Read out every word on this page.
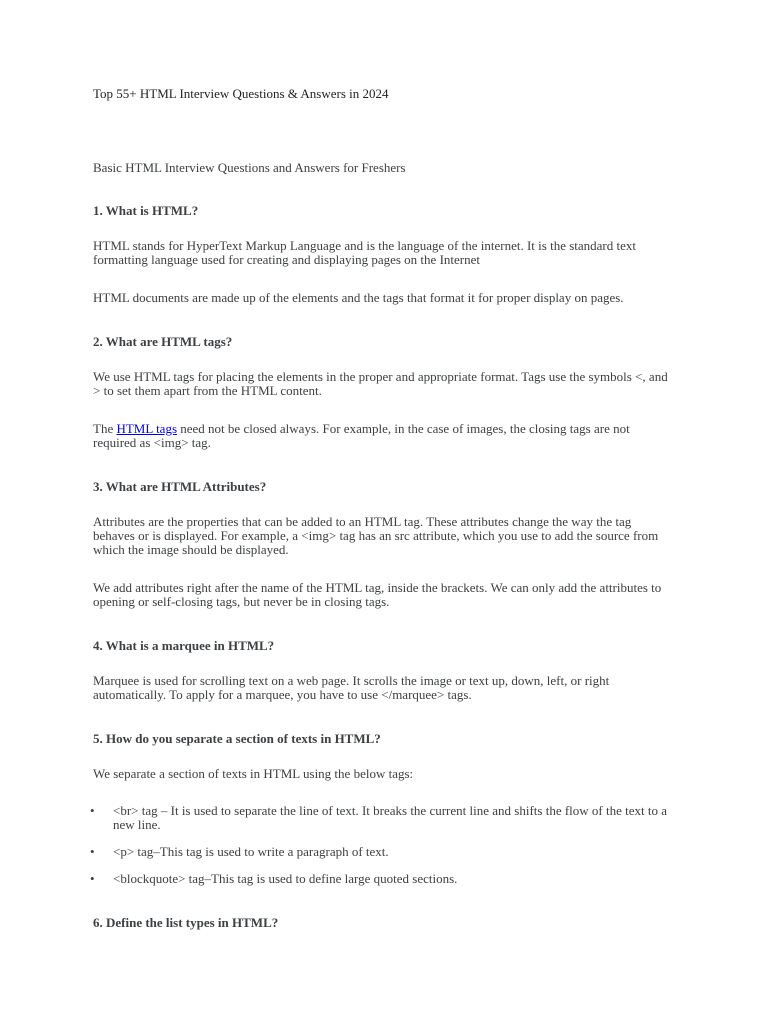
Top 55+ HTML Interview Questions & Answers in 2024
Basic HTML Interview Questions and Answers for Freshers
1. What is HTML?

HTML stands for HyperText Markup Language and is the language of the internet. It is the standard text formatting language used for creating and displaying pages on the Internet

HTML documents are made up of the elements and the tags that format it for proper display on pages.

2. What are HTML tags?

We use HTML tags for placing the elements in the proper and appropriate format. Tags use the symbols <, and > to set them apart from the HTML content.

The HTML tags need not be closed always. For example, in the case of images, the closing tags are not required as <img> tag.

3. What are HTML Attributes?

Attributes are the properties that can be added to an HTML tag. These attributes change the way the tag behaves or is displayed. For example, a <img> tag has an src attribute, which you use to add the source from which the image should be displayed.

We add attributes right after the name of the HTML tag, inside the brackets. We can only add the attributes to opening or self-closing tags, but never be in closing tags.

4. What is a marquee in HTML?

Marquee is used for scrolling text on a web page. It scrolls the image or text up, down, left, or right automatically. To apply for a marquee, you have to use </marquee> tags.

5. How do you separate a section of texts in HTML?

We separate a section of texts in HTML using the below tags:

• <br> tag – It is used to separate the line of text. It breaks the current line and shifts the flow of the text to a new line.
• <p> tag–This tag is used to write a paragraph of text.
• <blockquote> tag–This tag is used to define large quoted sections.
6. Define the list types in HTML?
